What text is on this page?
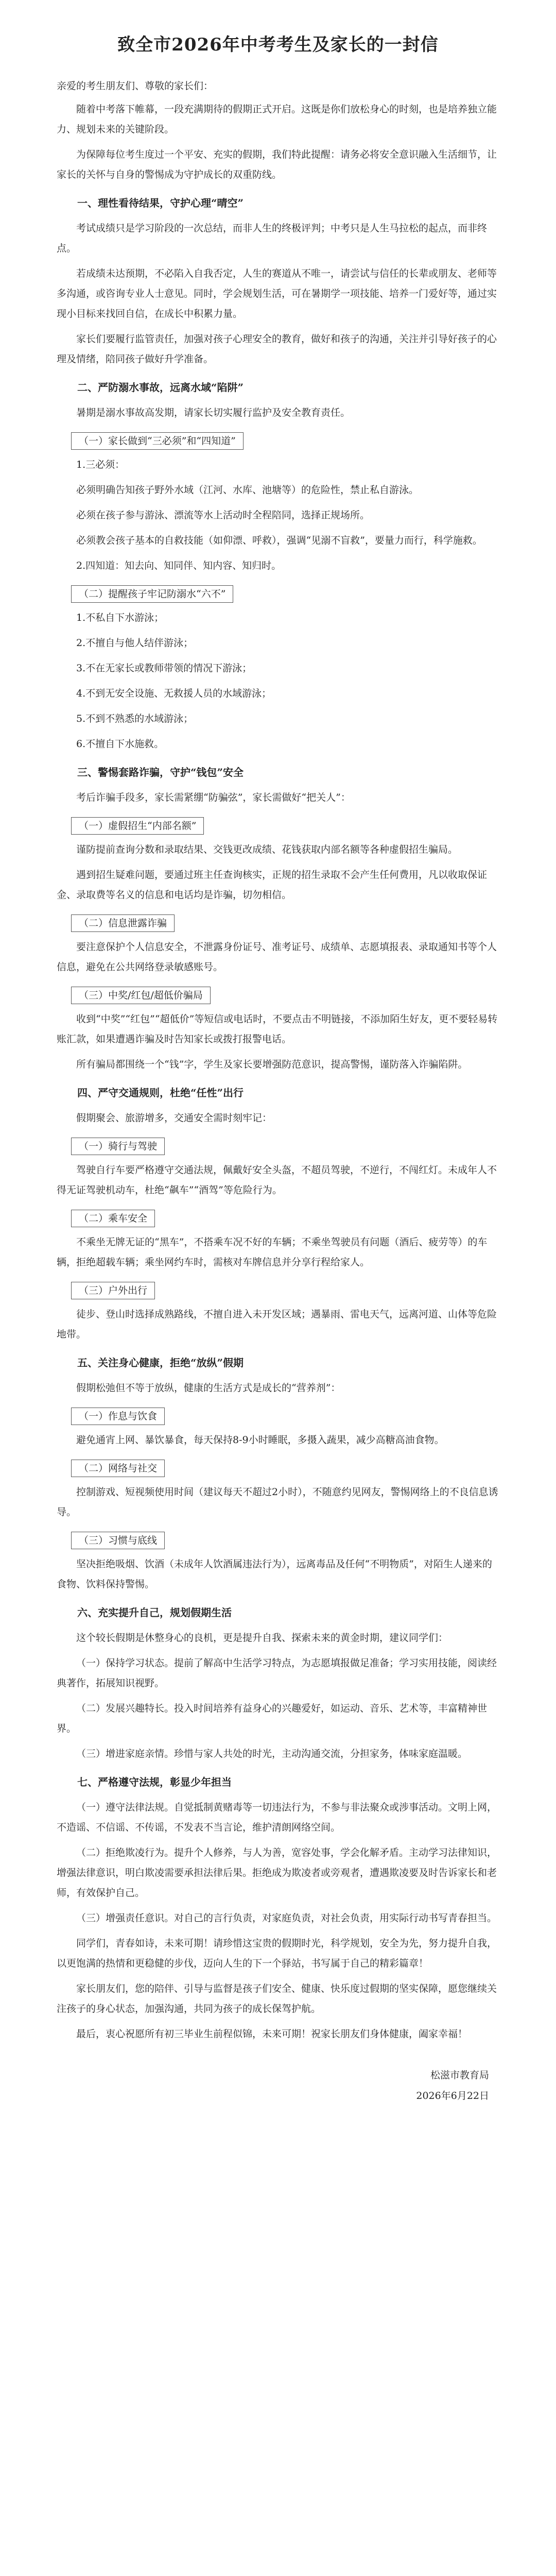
致全市2026年中考考生及家长的一封信

亲爱的考生朋友们、尊敬的家长们：

随着中考落下帷幕，一段充满期待的假期正式开启。这既是你们放松身心的时刻，也是培养独立能力、规划未来的关键阶段。

为保障每位考生度过一个平安、充实的假期，我们特此提醒：请务必将安全意识融入生活细节，让家长的关怀与自身的警惕成为守护成长的双重防线。

一、理性看待结果，守护心理“晴空”

考试成绩只是学习阶段的一次总结，而非人生的终极评判；中考只是人生马拉松的起点，而非终点。

若成绩未达预期，不必陷入自我否定，人生的赛道从不唯一，请尝试与信任的长辈或朋友、老师等多沟通，或咨询专业人士意见。同时，学会规划生活，可在暑期学一项技能、培养一门爱好等，通过实现小目标来找回自信，在成长中积累力量。

家长们要履行监管责任，加强对孩子心理安全的教育，做好和孩子的沟通，关注并引导好孩子的心理及情绪，陪同孩子做好升学准备。

二、严防溺水事故，远离水域“陷阱”

暑期是溺水事故高发期，请家长切实履行监护及安全教育责任。

（一）家长做到“三必须”和“四知道”

1.三必须：

必须明确告知孩子野外水域（江河、水库、池塘等）的危险性，禁止私自游泳。

必须在孩子参与游泳、漂流等水上活动时全程陪同，选择正规场所。

必须教会孩子基本的自救技能（如仰漂、呼救），强调“见溺不盲救”，要量力而行，科学施救。

2.四知道：知去向、知同伴、知内容、知归时。

（二）提醒孩子牢记防溺水“六不”

1.不私自下水游泳；

2.不擅自与他人结伴游泳；

3.不在无家长或教师带领的情况下游泳；

4.不到无安全设施、无救援人员的水域游泳；

5.不到不熟悉的水域游泳；

6.不擅自下水施救。

三、警惕套路诈骗，守护“钱包”安全

考后诈骗手段多，家长需紧绷“防骗弦”，家长需做好“把关人”：

（一）虚假招生“内部名额”

谨防提前查询分数和录取结果、交钱更改成绩、花钱获取内部名额等各种虚假招生骗局。

遇到招生疑难问题，要通过班主任查询核实，正规的招生录取不会产生任何费用，凡以收取保证金、录取费等名义的信息和电话均是诈骗，切勿相信。

（二）信息泄露诈骗

要注意保护个人信息安全，不泄露身份证号、准考证号、成绩单、志愿填报表、录取通知书等个人信息，避免在公共网络登录敏感账号。

（三）中奖/红包/超低价骗局

收到“中奖”“红包”“超低价”等短信或电话时，不要点击不明链接，不添加陌生好友，更不要轻易转账汇款，如果遭遇诈骗及时告知家长或拨打报警电话。

所有骗局都围绕一个“钱”字，学生及家长要增强防范意识，提高警惕，谨防落入诈骗陷阱。

四、严守交通规则，杜绝“任性”出行

假期聚会、旅游增多，交通安全需时刻牢记：

（一）骑行与驾驶

驾驶自行车要严格遵守交通法规，佩戴好安全头盔，不超员驾驶，不逆行，不闯红灯。未成年人不得无证驾驶机动车，杜绝“飙车”“酒驾”等危险行为。

（二）乘车安全

不乘坐无牌无证的“黑车”，不搭乘车况不好的车辆；不乘坐驾驶员有问题（酒后、疲劳等）的车辆，拒绝超载车辆；乘坐网约车时，需核对车牌信息并分享行程给家人。

（三）户外出行

徒步、登山时选择成熟路线，不擅自进入未开发区域；遇暴雨、雷电天气，远离河道、山体等危险地带。

五、关注身心健康，拒绝“放纵”假期

假期松弛但不等于放纵，健康的生活方式是成长的“营养剂”：

（一）作息与饮食

避免通宵上网、暴饮暴食，每天保持8-9小时睡眠，多摄入蔬果，减少高糖高油食物。

（二）网络与社交

控制游戏、短视频使用时间（建议每天不超过2小时），不随意约见网友，警惕网络上的不良信息诱导。

（三）习惯与底线

坚决拒绝吸烟、饮酒（未成年人饮酒属违法行为），远离毒品及任何“不明物质”，对陌生人递来的食物、饮料保持警惕。

六、充实提升自己，规划假期生活

这个较长假期是休整身心的良机，更是提升自我、探索未来的黄金时期，建议同学们：

（一）保持学习状态。提前了解高中生活学习特点，为志愿填报做足准备；学习实用技能，阅读经典著作，拓展知识视野。

（二）发展兴趣特长。投入时间培养有益身心的兴趣爱好，如运动、音乐、艺术等，丰富精神世界。

（三）增进家庭亲情。珍惜与家人共处的时光，主动沟通交流，分担家务，体味家庭温暖。

七、严格遵守法规，彰显少年担当

（一）遵守法律法规。自觉抵制黄赌毒等一切违法行为，不参与非法聚众或涉事活动。文明上网，不造谣、不信谣、不传谣，不发表不当言论，维护清朗网络空间。

（二）拒绝欺凌行为。提升个人修养，与人为善，宽容处事，学会化解矛盾。主动学习法律知识，增强法律意识，明白欺凌需要承担法律后果。拒绝成为欺凌者或旁观者，遭遇欺凌要及时告诉家长和老师，有效保护自己。

（三）增强责任意识。对自己的言行负责，对家庭负责，对社会负责，用实际行动书写青春担当。

同学们，青春如诗，未来可期！请珍惜这宝贵的假期时光，科学规划，安全为先，努力提升自我，以更饱满的热情和更稳健的步伐，迈向人生的下一个驿站，书写属于自己的精彩篇章！

家长朋友们，您的陪伴、引导与监督是孩子们安全、健康、快乐度过假期的坚实保障，愿您继续关注孩子的身心状态，加强沟通，共同为孩子的成长保驾护航。

最后，衷心祝愿所有初三毕业生前程似锦，未来可期！祝家长朋友们身体健康，阖家幸福！

松滋市教育局
2026年6月22日
